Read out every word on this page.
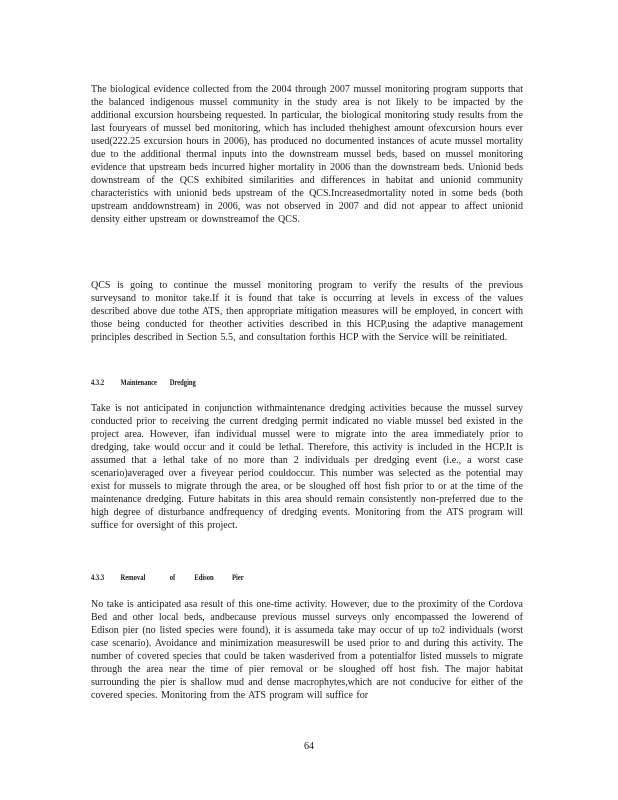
The biological evidence collected from the 2004 through 2007 mussel monitoring program supports that the balanced indigenous mussel community in the study area is not likely to be impacted by the additional excursion hoursbeing requested. In particular, the biological monitoring study results from the last fouryears of mussel bed monitoring, which has included thehighest amount ofexcursion hours ever used(222.25 excursion hours in 2006), has produced no documented instances of acute mussel mortality due to the additional thermal inputs into the downstream mussel beds, based on mussel monitoring evidence that upstream beds incurred higher mortality in 2006 than the downstream beds. Unionid beds downstream of the QCS exhibited similarities and differences in habitat and unionid community characteristics with unionid beds upstream of the QCS.Increasedmortality noted in some beds (both upstream anddownstream) in 2006, was not observed in 2007 and did not appear to affect unionid density either upstream or downstreamof the QCS.

QCS is going to continue the mussel monitoring program to verify the results of the previous surveysand to monitor take.If it is found that take is occurring at levels in excess of the values described above due tothe ATS, then appropriate mitigation measures will be employed, in concert with those being conducted for theother activities described in this HCP,using the adaptive management principles described in Section 5.5, and consultation forthis HCP with the Service will be reinitiated.

4.3.2 Maintenance Dredging

Take is not anticipated in conjunction withmaintenance dredging activities because the mussel survey conducted prior to receiving the current dredging permit indicated no viable mussel bed existed in the project area. However, ifan individual mussel were to migrate into the area immediately prior to dredging, take would occur and it could be lethal. Therefore, this activity is included in the HCP.It is assumed that a lethal take of no more than 2 individuals per dredging event (i.e., a worst case scenario)averaged over a fiveyear period couldoccur. This number was selected as the potential may exist for mussels to migrate through the area, or be sloughed off host fish prior to or at the time of the maintenance dredging. Future habitats in this area should remain consistently non-preferred due to the high degree of disturbance andfrequency of dredging events. Monitoring from the ATS program will suffice for oversight of this project.

4.3.3 Removal	of Edison Pier

No take is anticipated asa result of this one-time activity. However, due to the proximity of the Cordova Bed and other local beds, andbecause previous mussel surveys only encompassed the lowerend of Edison pier (no listed species were found), it is assumeda take may occur of up to2 individuals (worst case scenario). Avoidance and minimization measureswill be used prior to and during this activity. The number of covered species that could be taken wasderived from a potentialfor listed mussels to migrate through the area near the time of pier removal or be sloughed off host fish. The major habitat surrounding the pier is shallow mud and dense macrophytes,which are not conducive for either of the covered species. Monitoring from the ATS program will suffice for

64
